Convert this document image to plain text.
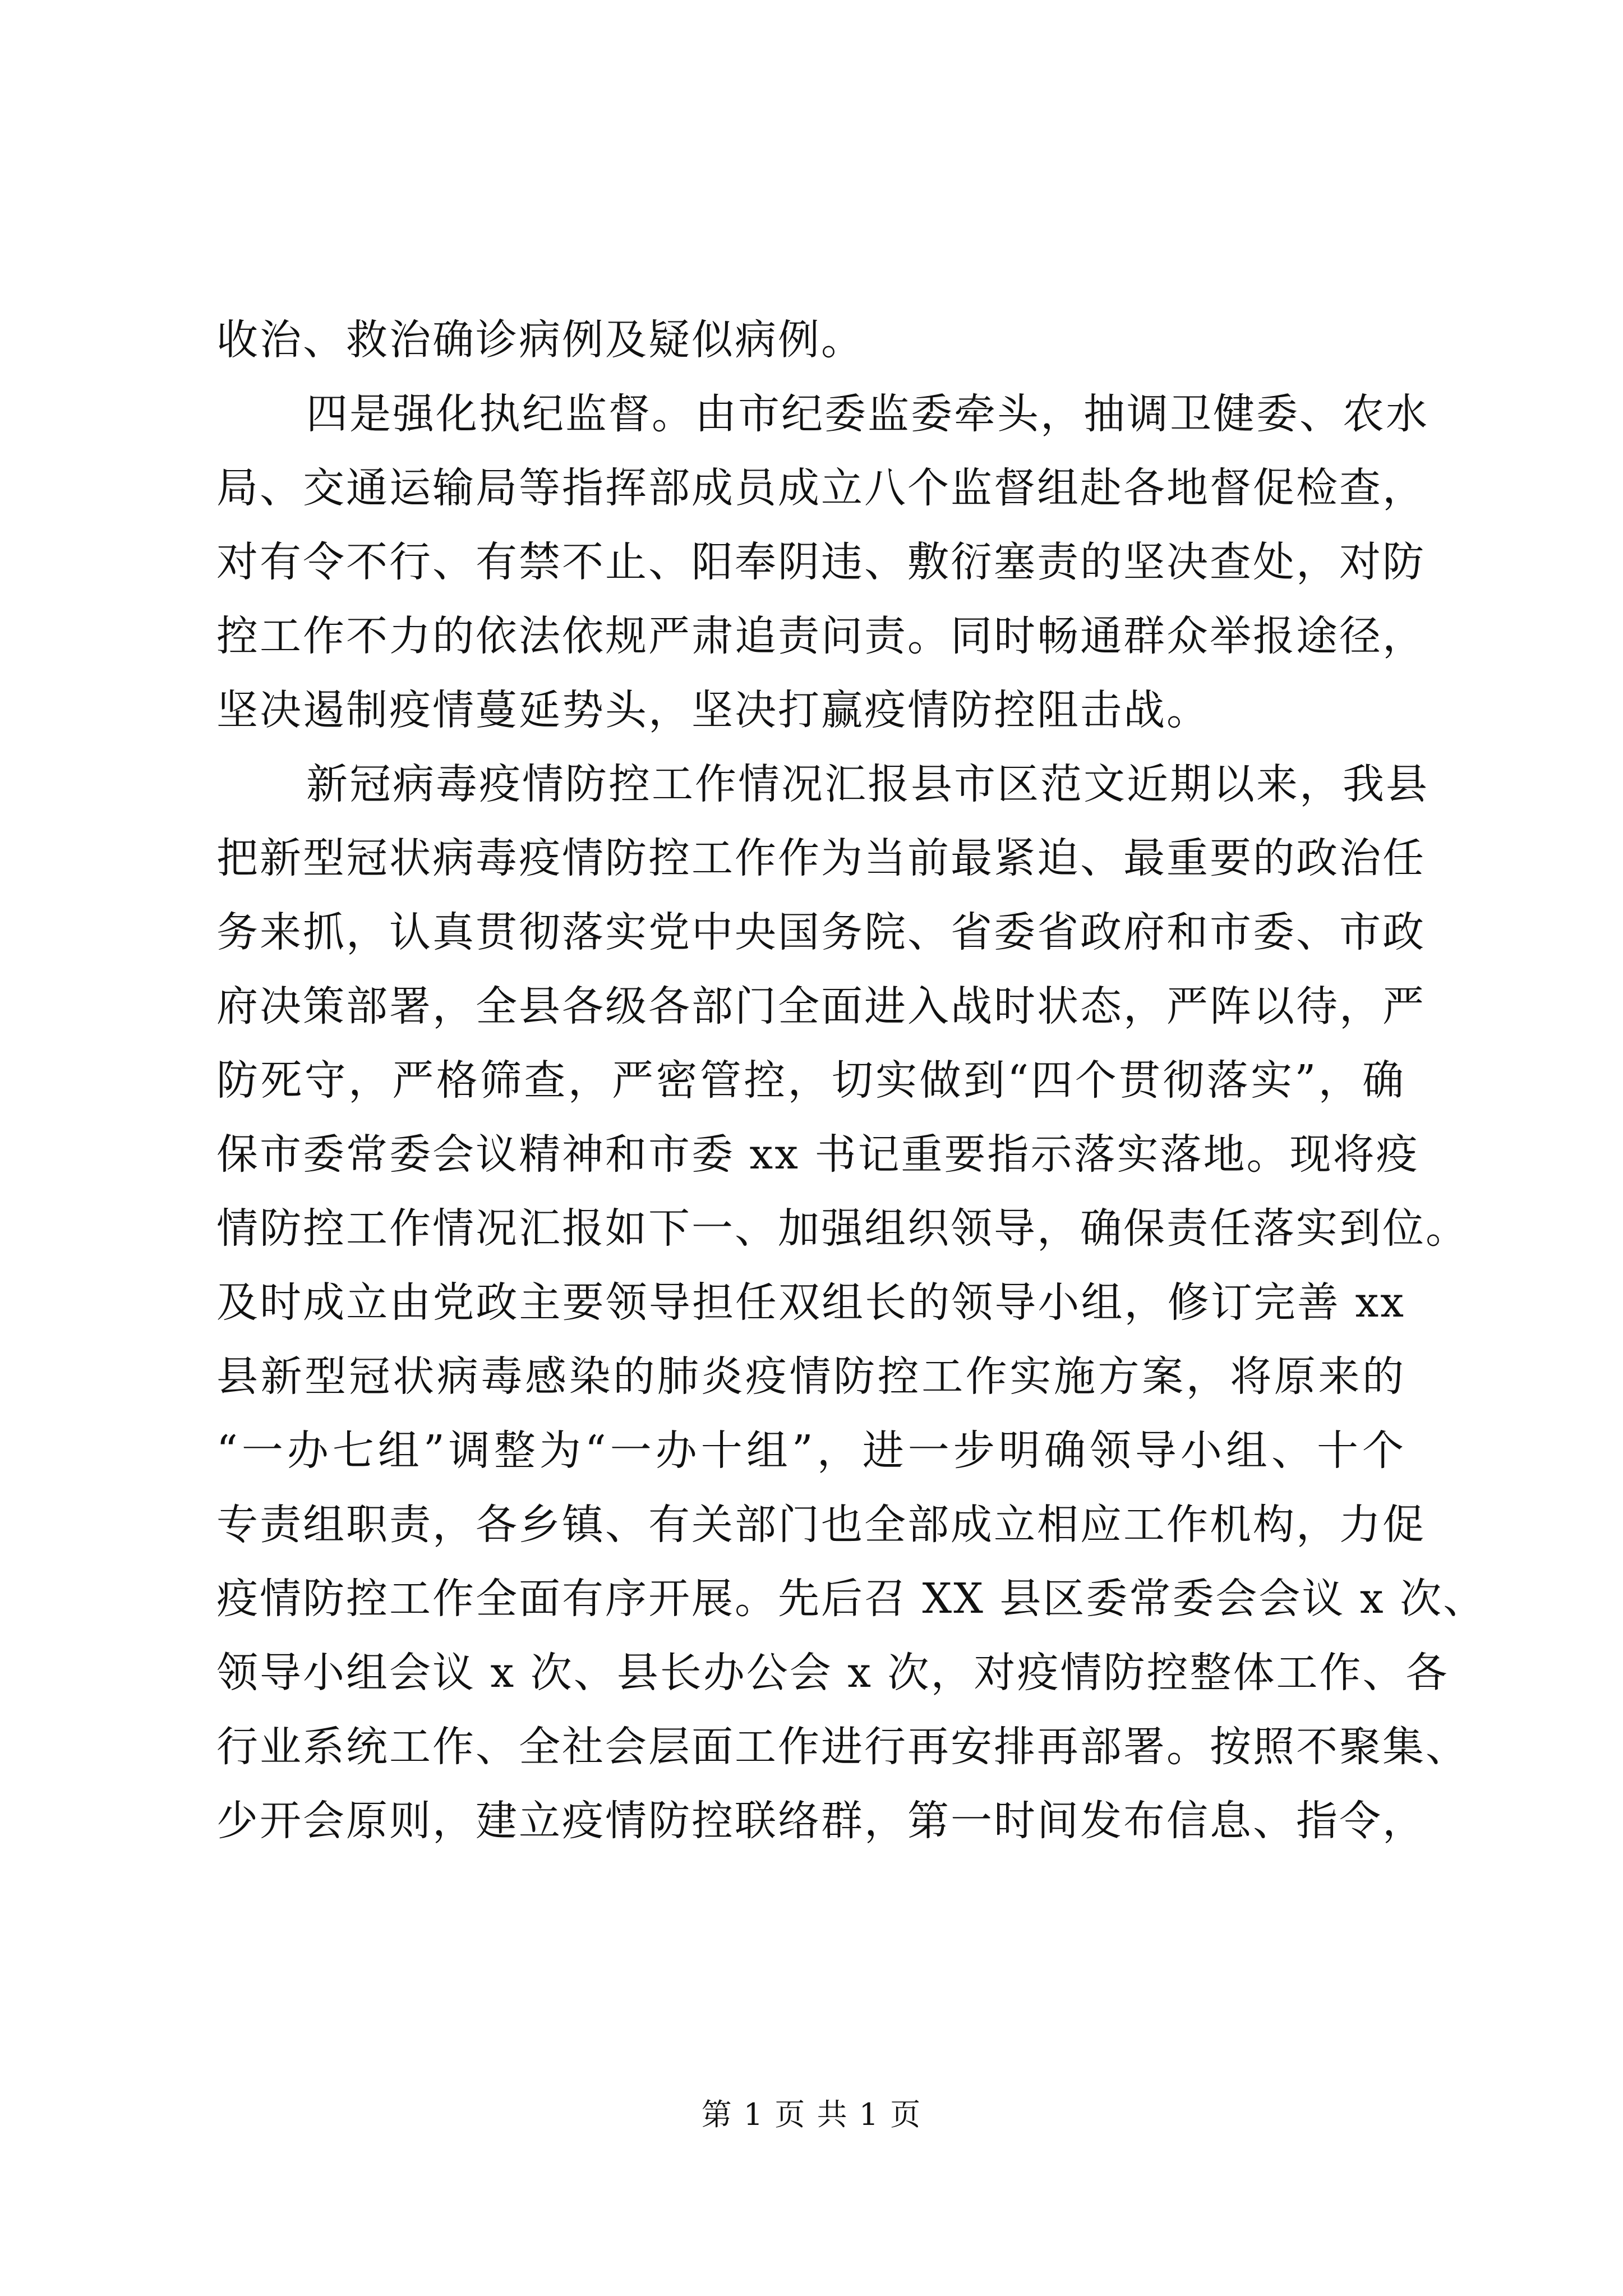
收治、救治确诊病例及疑似病例。
四是强化执纪监督。由市纪委监委牵头，抽调卫健委、农水
局、交通运输局等指挥部成员成立八个监督组赴各地督促检查，
对有令不行、有禁不止、阳奉阴违、敷衍塞责的坚决查处，对防
控工作不力的依法依规严肃追责问责。同时畅通群众举报途径，
坚决遏制疫情蔓延势头，坚决打赢疫情防控阻击战。
新冠病毒疫情防控工作情况汇报县市区范文近期以来，我县
把新型冠状病毒疫情防控工作作为当前最紧迫、最重要的政治任
务来抓，认真贯彻落实党中央国务院、省委省政府和市委、市政
府决策部署，全县各级各部门全面进入战时状态，严阵以待，严
防死守，严格筛查，严密管控，切实做到“四个贯彻落实”，确
保市委常委会议精神和市委 xx 书记重要指示落实落地。现将疫
情防控工作情况汇报如下一、加强组织领导，确保责任落实到位。
及时成立由党政主要领导担任双组长的领导小组，修订完善 xx
县新型冠状病毒感染的肺炎疫情防控工作实施方案，将原来的
“一办七组”调整为“一办十组”，进一步明确领导小组、十个
专责组职责，各乡镇、有关部门也全部成立相应工作机构，力促
疫情防控工作全面有序开展。先后召 XX 县区委常委会会议 x 次、
领导小组会议 x 次、县长办公会 x 次，对疫情防控整体工作、各
行业系统工作、全社会层面工作进行再安排再部署。按照不聚集、
少开会原则，建立疫情防控联络群，第一时间发布信息、指令，
第 1 页 共 1 页
